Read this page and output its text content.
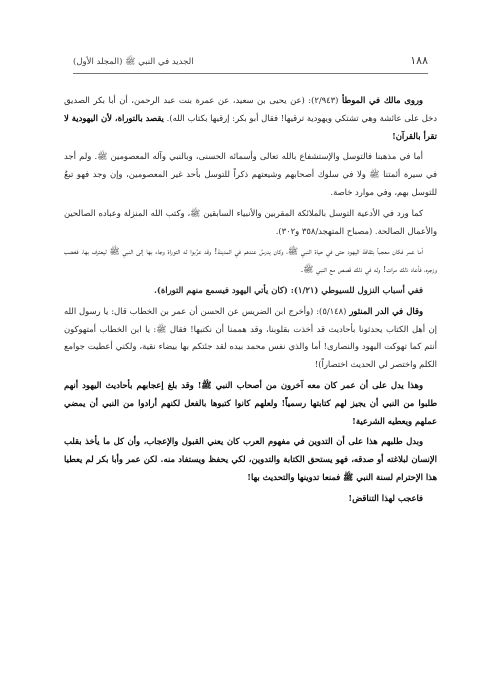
١٨٨
الجديد في النبي ﷺ (المجلد الأول)

وروى مالك في الموطأ (٢/٩٤٣): (عن يحيى بن سعيد، عن عمرة بنت عبد الرحمن، أن أبا بكر الصديق دخل على عائشة وهي تشتكي ويهودية ترقيها! فقال أبو بكر: إرقيها بكتاب الله). يقصد بالتوراة، لأن اليهودية لا تقرأ بالقرآن!

أما في مذهبنا فالتوسل والإستشفاع بالله تعالى وأسمائه الحسنى، وبالنبي وآله المعصومين ﷺ. ولم أجد في سيرة أئمتنا ﷺ ولا في سلوك أصحابهم وشيعتهم ذكراً للتوسل بأحد غير المعصومين، وإن وجد فهو تبعٌ للتوسل بهم، وفي موارد خاصة.

كما ورد في الأدعية التوسل بالملائكة المقربين والأنبياء السابقين ﷺ، وكتب الله المنزلة وعباده الصالحين والأعمال الصالحة. (مصباح المتهجد/٣٥٨ و٣٠٢).

أما عمر فكان معجباً بثقافة اليهود حتى في حياة النبي ﷺ، وكان يدرسُ عندهم في المدينة! وقد عرَّبوا له التوراة وجاء بها إلى النبي ﷺ ليعترف بها، فغضب وزجره، فأعاد ذلك مرات! وله في ذلك قصص مع النبي ﷺ.

ففي أسباب النزول للسيوطي (١/٢١): (كان يأتي اليهود فيسمع منهم التوراة).

وقال في الدر المنثور (٥/١٤٨): (وأخرج ابن الضريس عن الحسن أن عمر بن الخطاب قال: يا رسول الله إن أهل الكتاب يحدثونا بأحاديث قد أخذت بقلوبنا، وقد هممنا أن نكتبها! فقال ﷺ: يا ابن الخطاب أمتهوكون أنتم كما تهوكت اليهود والنصارى! أما والذي نفس محمد بيده لقد جئتكم بها بيضاء نقية، ولكني أعطيت جوامع الكلم واختصر لي الحديث اختصاراً)!

وهذا يدل على أن عمر كان معه آخرون من أصحاب النبي ﷺ! وقد بلغ إعجابهم بأحاديث اليهود أنهم طلبوا من النبي أن يجيز لهم كتابتها رسمياً! ولعلهم كانوا كتبوها بالفعل لكنهم أرادوا من النبي أن يمضي عملهم ويعطيه الشرعية!

وبدل طلبهم هذا على أن التدوين في مفهوم العرب كان يعني القبول والإعجاب، وأن كل ما يأخذ بقلب الإنسان لبلاغته أو صدقه، فهو يستحق الكتابة والتدوين، لكي يحفظ ويستفاد منه. لكن عمر وأبا بكر لم يعطيا هذا الإحترام لسنة النبي ﷺ فمنعا تدوينها والتحديث بها!

فاعجب لهذا التناقض!
